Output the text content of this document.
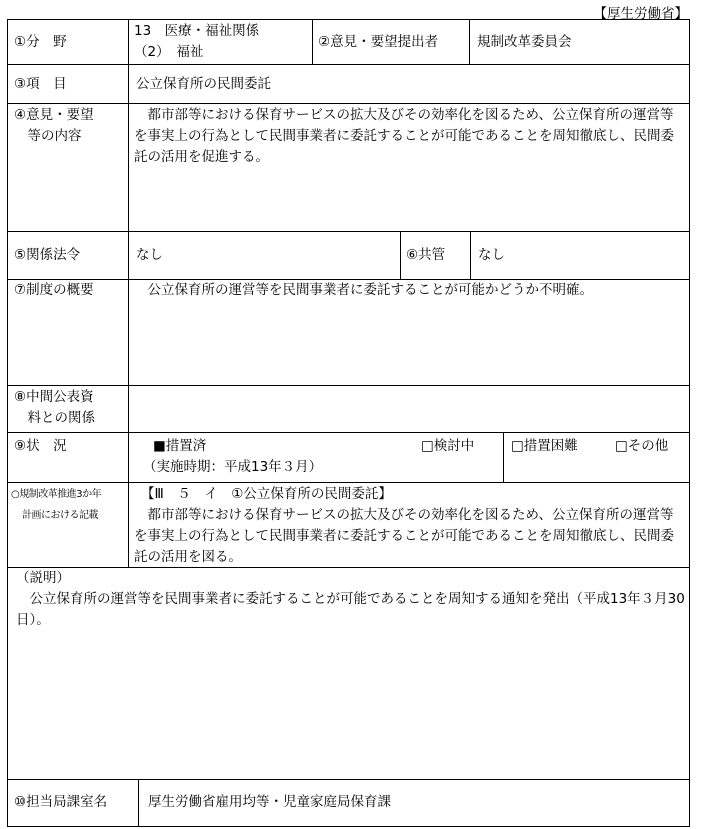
【厚生労働省】
①分　野
13　医療・福祉関係
（2）　福祉
②意見・要望提出者	規制改革委員会
③項　目	公立保育所の民間委託
④意見・要望
　等の内容
　都市部等における保育サービスの拡大及びその効率化を図るため、公立保育所の運営等を事実上の行為として民間事業者に委託することが可能であることを周知徹底し、民間委託の活用を促進する。
⑤関係法令	なし	⑥共管 なし
⑦制度の概要	　公立保育所の運営等を民間事業者に委託することが可能かどうか不明確。
⑧中間公表資
　料との関係
⑨状　況	■措置済
（実施時期：平成13年３月）
□検討中	□措置困難	□その他
○規制改革推進3か年
計画における記載
【Ⅲ　５　イ　①公立保育所の民間委託】
　都市部等における保育サービスの拡大及びその効率化を図るため、公立保育所の運営等を事実上の行為として民間事業者に委託することが可能であることを周知徹底し、民間委託の活用を図る。
（説明）
　公立保育所の運営等を民間事業者に委託することが可能であることを周知する通知を発出（平成13年３月30日）。
⑩担当局課室名	厚生労働省雇用均等・児童家庭局保育課
